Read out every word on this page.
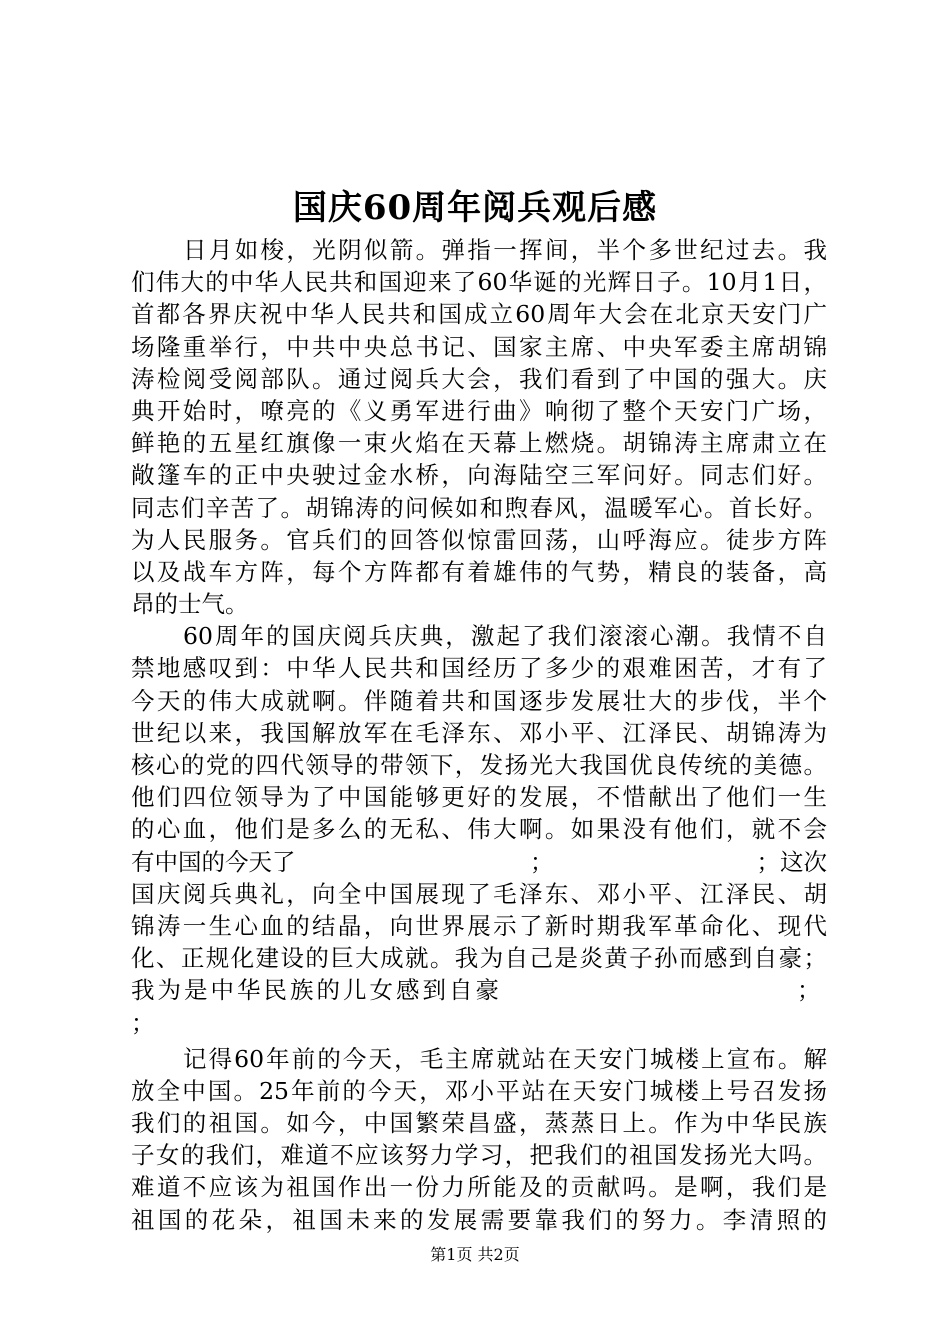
国庆60周年阅兵观后感
日月如梭，光阴似箭。弹指一挥间，半个多世纪过去。我
们伟大的中华人民共和国迎来了60华诞的光辉日子。10月1日，
首都各界庆祝中华人民共和国成立60周年大会在北京天安门广
场隆重举行，中共中央总书记、国家主席、中央军委主席胡锦
涛检阅受阅部队。通过阅兵大会，我们看到了中国的强大。庆
典开始时，嘹亮的《义勇军进行曲》响彻了整个天安门广场，
鲜艳的五星红旗像一束火焰在天幕上燃烧。胡锦涛主席肃立在
敞篷车的正中央驶过金水桥，向海陆空三军问好。同志们好。
同志们辛苦了。胡锦涛的问候如和煦春风，温暖军心。首长好。
为人民服务。官兵们的回答似惊雷回荡，山呼海应。徒步方阵
以及战车方阵，每个方阵都有着雄伟的气势，精良的装备，高
昂的士气。
60周年的国庆阅兵庆典，激起了我们滚滚心潮。我情不自
禁地感叹到：中华人民共和国经历了多少的艰难困苦，才有了
今天的伟大成就啊。伴随着共和国逐步发展壮大的步伐，半个
世纪以来，我国解放军在毛泽东、邓小平、江泽民、胡锦涛为
核心的党的四代领导的带领下，发扬光大我国优良传统的美德。
他们四位领导为了中国能够更好的发展，不惜献出了他们一生
的心血，他们是多么的无私、伟大啊。如果没有他们，就不会
有中国的今天了	；	；这次
国庆阅兵典礼，向全中国展现了毛泽东、邓小平、江泽民、胡
锦涛一生心血的结晶，向世界展示了新时期我军革命化、现代
化、正规化建设的巨大成就。我为自己是炎黄子孙而感到自豪；
我为是中华民族的儿女感到自豪	；
；
记得60年前的今天，毛主席就站在天安门城楼上宣布。解
放全中国。25年前的今天，邓小平站在天安门城楼上号召发扬
我们的祖国。如今，中国繁荣昌盛，蒸蒸日上。作为中华民族
子女的我们，难道不应该努力学习，把我们的祖国发扬光大吗。
难道不应该为祖国作出一份力所能及的贡献吗。是啊，我们是
祖国的花朵，祖国未来的发展需要靠我们的努力。李清照的
第1页 共2页
